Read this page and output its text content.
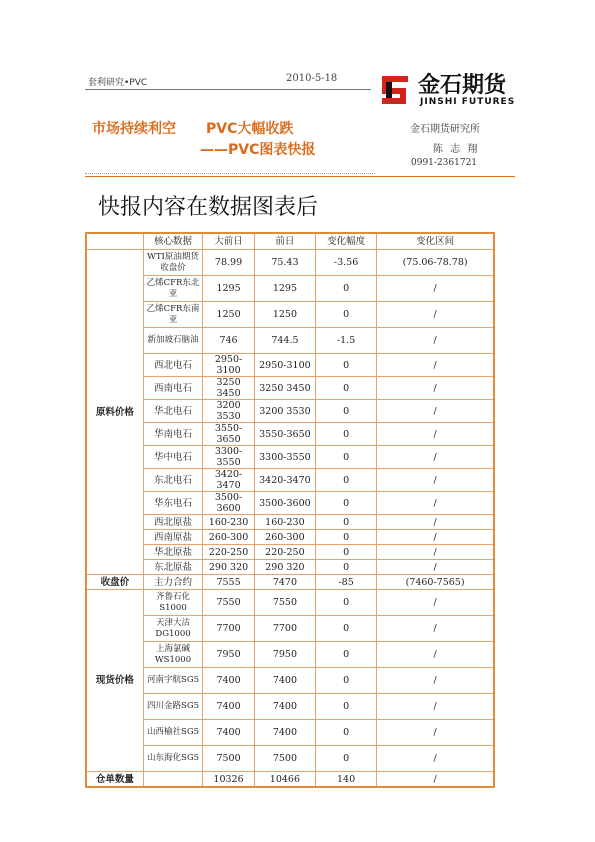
套利研究•PVC	2010-5-18	金石期货
JINSHI FUTURES
市场持续利空 PVC大幅收跌
——PVC图表快报
金石期货研究所
陈 志 翔
0991-2361721
快报内容在数据图表后
	核心数据	大前日	前日	变化幅度	变化区间
原料价格	WTI原油期货收盘价	78.99	75.43	-3.56	(75.06-78.78)
	乙烯CFR东北亚	1295	1295	0	/
	乙烯CFR东南亚	1250	1250	0	/
	新加坡石脑油	746	744.5	-1.5	/
	西北电石	2950-3100	2950-3100	0	/
	西南电石	3250 3450	3250 3450	0	/
	华北电石	3200 3530	3200 3530	0	/
	华南电石	3550-3650	3550-3650	0	/
	华中电石	3300-3550	3300-3550	0	/
	东北电石	3420-3470	3420-3470	0	/
	华东电石	3500-3600	3500-3600	0	/
	西北原盐	160-230	160-230	0	/
	西南原盐	260-300	260-300	0	/
	华北原盐	220-250	220-250	0	/
	东北原盐	290 320	290 320	0	/
收盘价	主力合约	7555	7470	-85	(7460-7565)
现货价格	齐鲁石化S1000	7550	7550	0	/
	天津大沽DG1000	7700	7700	0	/
	上海氯碱WS1000	7950	7950	0	/
	河南宇航SG5	7400	7400	0	/
	四川金路SG5	7400	7400	0	/
	山西榆社SG5	7400	7400	0	/
	山东海化SG5	7500	7500	0	/
仓单数量		10326	10466	140	/
